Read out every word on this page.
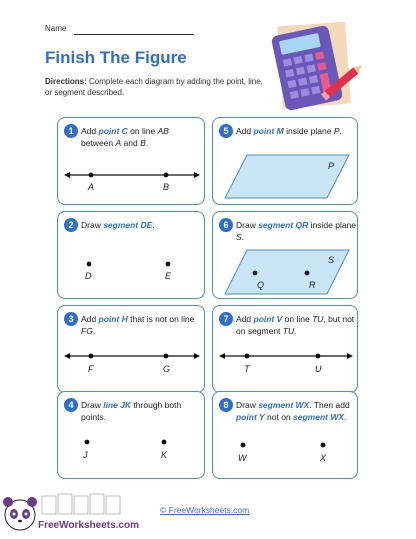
Name
Finish The Figure
Directions: Complete each diagram by adding the point, line, or segment described.
1 Add point C on line AB between A and B.
A	B
2 Draw segment DE.
D	E
3 Add point H that is not on line FG.
F	G
4 Draw line JK through both points.
J	K
5 Add point M inside plane P.
P
6 Draw segment QR inside plane S.
S
Q	R
7 Add point V on line TU, but not on segment TU.
T	U
8 Draw segment WX. Then add point Y not on segment WX.
W	X
© FreeWorksheets.com
FreeWorksheets.com
